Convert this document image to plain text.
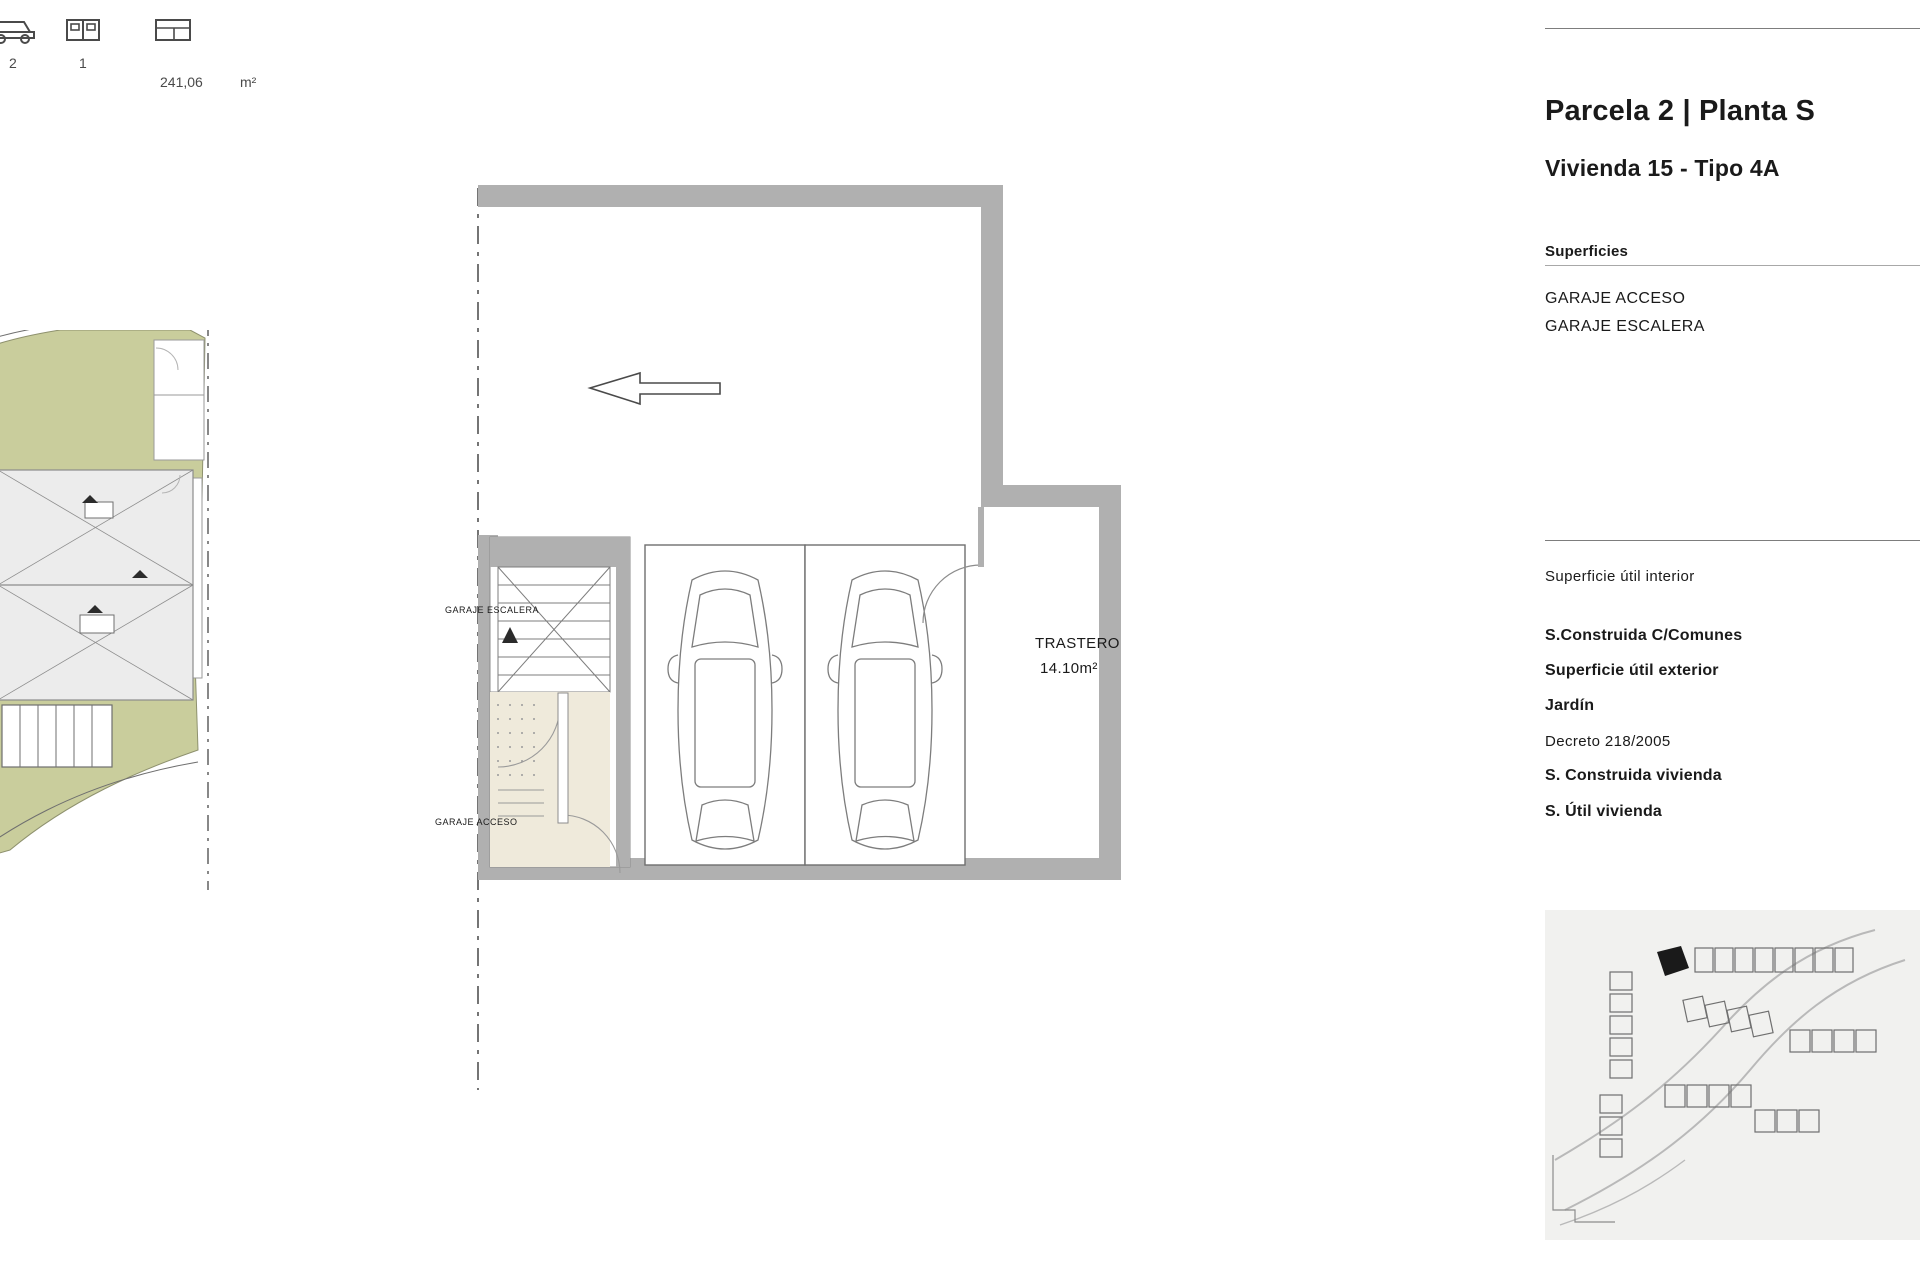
2	1
241,06	m²
TRASTERO
14.10m²
GARAJE ESCALERA
GARAJE ACCESO
Parcela 2 | Planta S
Vivienda 15 - Tipo 4A
Superficies
GARAJE ACCESO
GARAJE ESCALERA
Superficie útil interior
S.Construida C/Comunes
Superficie útil exterior
Jardín
Decreto 218/2005
S. Construida vivienda
S. Útil vivienda
